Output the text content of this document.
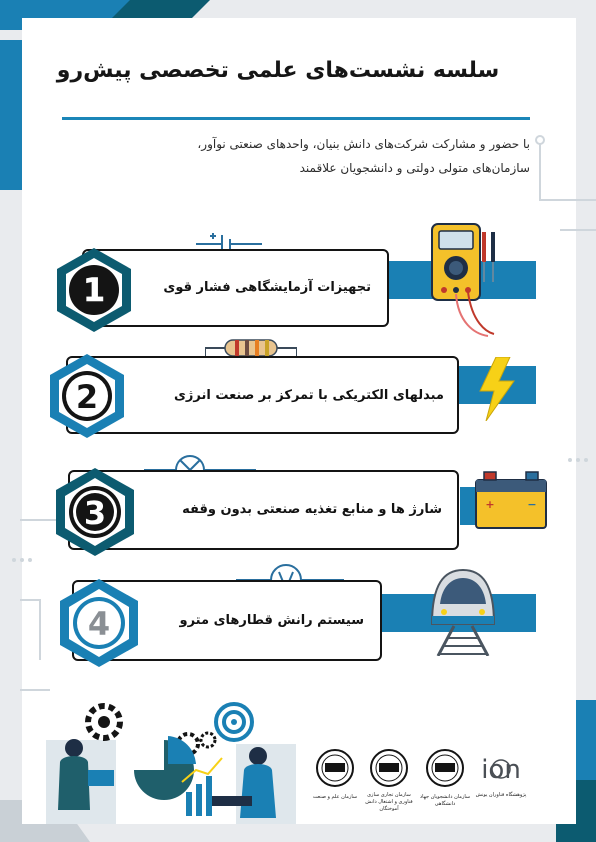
سلسه نشست‌های علمی تخصصی پیش‌رو
با حضور و مشارکت شرکت‌های دانش بنیان، واحدهای صنعتی نوآور،
سازمان‌های متولی دولتی و دانشجویان علاقمند
تجهیزات آزمایشگاهی فشار قوی
1
مبدلهای الکتریکی با تمرکز بر صنعت انرژی
2
شارژ ها و منابع تغذیه صنعتی بدون وقفه
3	+	−
سیستم رانش قطارهای مترو
4
ion
پژوهشگاه فناوران یونش
سازمان دانشجویان جهاد دانشگاهی
سازمان تجاری سازی فناوری و اشتغال دانش آموختگان
سازمان علم و صنعت
